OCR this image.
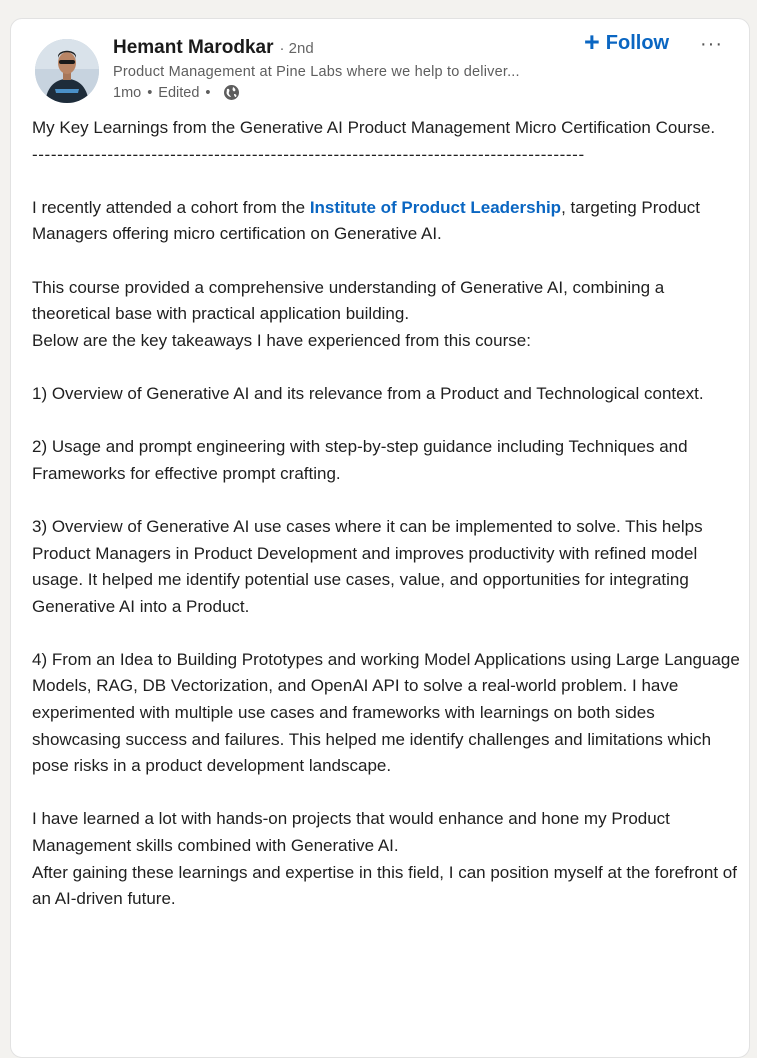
Hemant Marodkar · 2nd
Product Management at Pine Labs where we help to deliver...
1mo • Edited •
+ Follow ···

My Key Learnings from the Generative AI Product Management Micro Certification Course.

----------------------------------------------------------------------------------------

I recently attended a cohort from the Institute of Product Leadership, targeting Product Managers offering micro certification on Generative AI.

This course provided a comprehensive understanding of Generative AI, combining a theoretical base with practical application building.

Below are the key takeaways I have experienced from this course:

1) Overview of Generative AI and its relevance from a Product and Technological context.

2) Usage and prompt engineering with step-by-step guidance including Techniques and Frameworks for effective prompt crafting.

3) Overview of Generative AI use cases where it can be implemented to solve. This helps Product Managers in Product Development and improves productivity with refined model usage. It helped me identify potential use cases, value, and opportunities for integrating Generative AI into a Product.

4) From an Idea to Building Prototypes and working Model Applications using Large Language Models, RAG, DB Vectorization, and OpenAI API to solve a real-world problem. I have experimented with multiple use cases and frameworks with learnings on both sides showcasing success and failures. This helped me identify challenges and limitations which pose risks in a product development landscape.

I have learned a lot with hands-on projects that would enhance and hone my Product Management skills combined with Generative AI.

After gaining these learnings and expertise in this field, I can position myself at the forefront of an AI-driven future.
